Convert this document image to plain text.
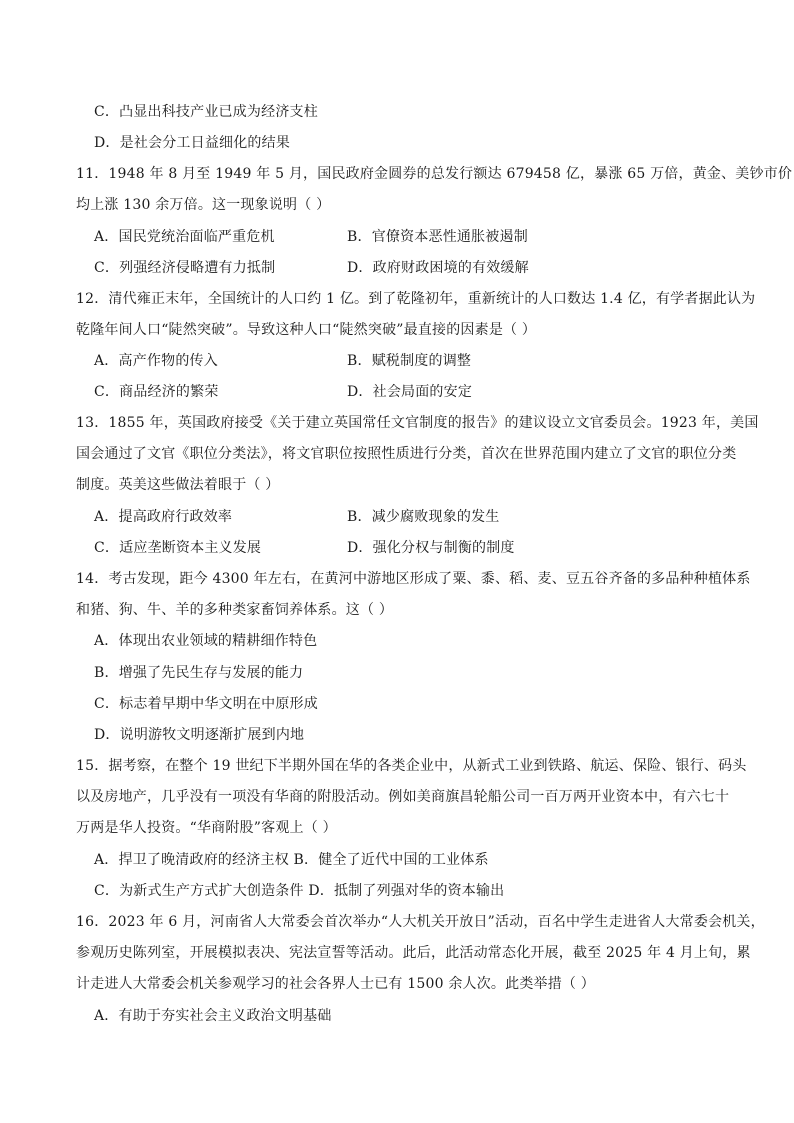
C．凸显出科技产业已成为经济支柱
D．是社会分工日益细化的结果
11．1948 年 8 月至 1949 年 5 月，国民政府金圆券的总发行额达 679458 亿，暴涨 65 万倍，黄金、美钞市价
均上涨 130 余万倍。这一现象说明（ ）
A．国民党统治面临严重危机	B．官僚资本恶性通胀被遏制
C．列强经济侵略遭有力抵制	D．政府财政困境的有效缓解
12．清代雍正末年，全国统计的人口约 1 亿。到了乾隆初年，重新统计的人口数达 1.4 亿，有学者据此认为
乾隆年间人口“陡然突破”。导致这种人口“陡然突破”最直接的因素是（ ）
A．高产作物的传入	B．赋税制度的调整
C．商品经济的繁荣	D．社会局面的安定
13．1855 年，英国政府接受《关于建立英国常任文官制度的报告》的建议设立文官委员会。1923 年，美国
国会通过了文官《职位分类法》，将文官职位按照性质进行分类，首次在世界范围内建立了文官的职位分类
制度。英美这些做法着眼于（ ）
A．提高政府行政效率	B．减少腐败现象的发生
C．适应垄断资本主义发展	D．强化分权与制衡的制度
14．考古发现，距今 4300 年左右，在黄河中游地区形成了粟、黍、稻、麦、豆五谷齐备的多品种种植体系
和猪、狗、牛、羊的多种类家畜饲养体系。这（ ）
A．体现出农业领域的精耕细作特色
B．增强了先民生存与发展的能力
C．标志着早期中华文明在中原形成
D．说明游牧文明逐渐扩展到内地
15．据考察，在整个 19 世纪下半期外国在华的各类企业中，从新式工业到铁路、航运、保险、银行、码头
以及房地产，几乎没有一项没有华商的附股活动。例如美商旗昌轮船公司一百万两开业资本中，有六七十
万两是华人投资。“华商附股”客观上（ ）
A．捍卫了晚清政府的经济主权 B．健全了近代中国的工业体系
C．为新式生产方式扩大创造条件 D．抵制了列强对华的资本输出
16．2023 年 6 月，河南省人大常委会首次举办“人大机关开放日”活动，百名中学生走进省人大常委会机关，
参观历史陈列室，开展模拟表决、宪法宣誓等活动。此后，此活动常态化开展，截至 2025 年 4 月上旬，累
计走进人大常委会机关参观学习的社会各界人士已有 1500 余人次。此类举措（ ）
A．有助于夯实社会主义政治文明基础
